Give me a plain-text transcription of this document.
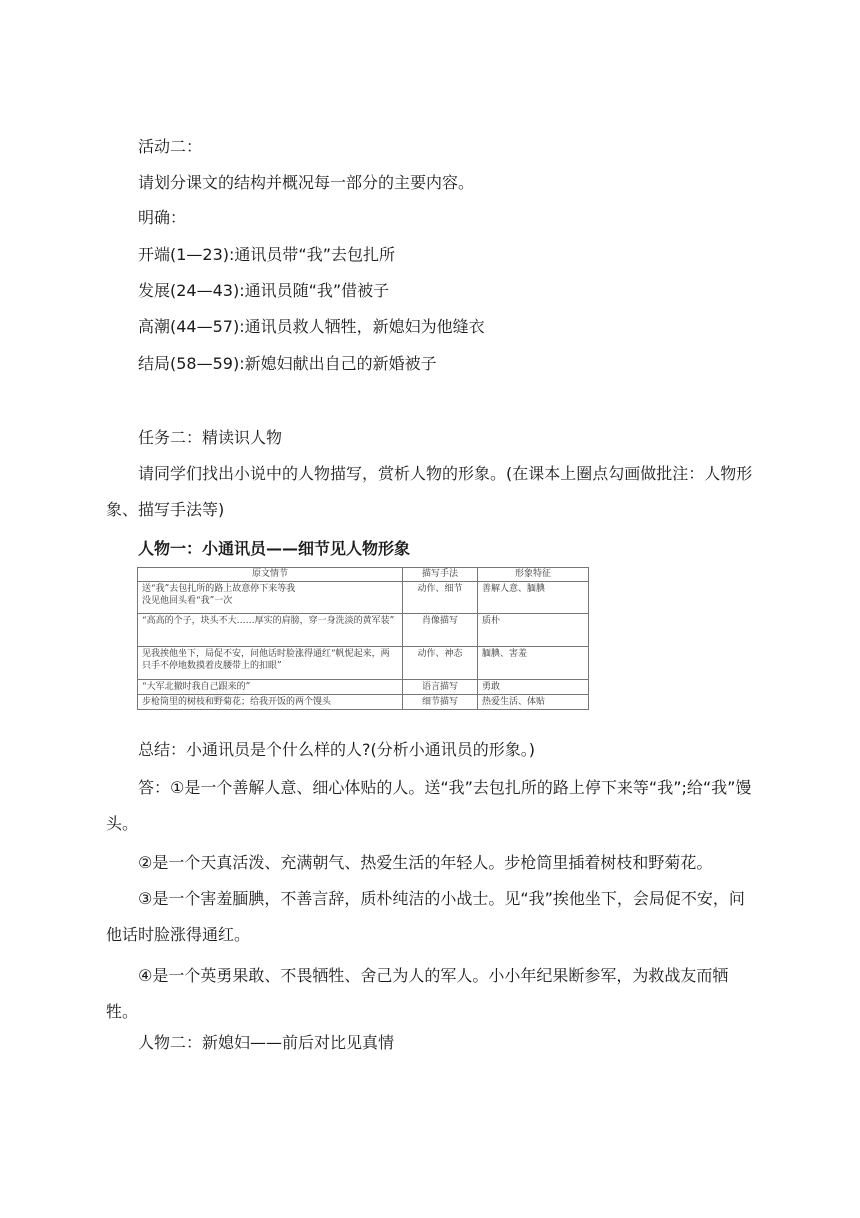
活动二：
请划分课文的结构并概况每一部分的主要内容。
明确：
开端(1—23):通讯员带“我”去包扎所
发展(24—43):通讯员随“我”借被子
高潮(44—57):通讯员救人牺牲，新媳妇为他缝衣
结局(58—59):新媳妇献出自己的新婚被子
任务二：精读识人物
请同学们找出小说中的人物描写，赏析人物的形象。(在课本上圈点勾画做批注：人物形象、描写手法等)
人物一：小通讯员——细节见人物形象
原文情节	描写手法	形象特征
送“我”去包扎所的路上故意停下来等我
没见他回头看“我”一次	动作、细节	善解人意、腼腆
“高高的个子，块头不大……厚实的肩膀，穿一身洗淡的黄军装”	肖像描写	质朴
见我挨他坐下，局促不安，问他话时脸涨得通红“帆怩起来，两只手不停地数摸着皮腰带上的扣眼”	动作、神态	腼腆、害羞
“大军北撤时我自己跟来的”	语言描写	勇敢
步枪筒里的树枝和野菊花；给我开饭的两个馒头	细节描写	热爱生活、体贴
总结：小通讯员是个什么样的人?(分析小通讯员的形象。)
答：①是一个善解人意、细心体贴的人。送“我”去包扎所的路上停下来等“我”;给“我”馒头。
②是一个天真活泼、充满朝气、热爱生活的年轻人。步枪筒里插着树枝和野菊花。
③是一个害羞腼腆，不善言辞，质朴纯洁的小战士。见“我”挨他坐下，会局促不安，问他话时脸涨得通红。
④是一个英勇果敢、不畏牺牲、舍己为人的军人。小小年纪果断参军，为救战友而牺牲。
人物二：新媳妇——前后对比见真情
